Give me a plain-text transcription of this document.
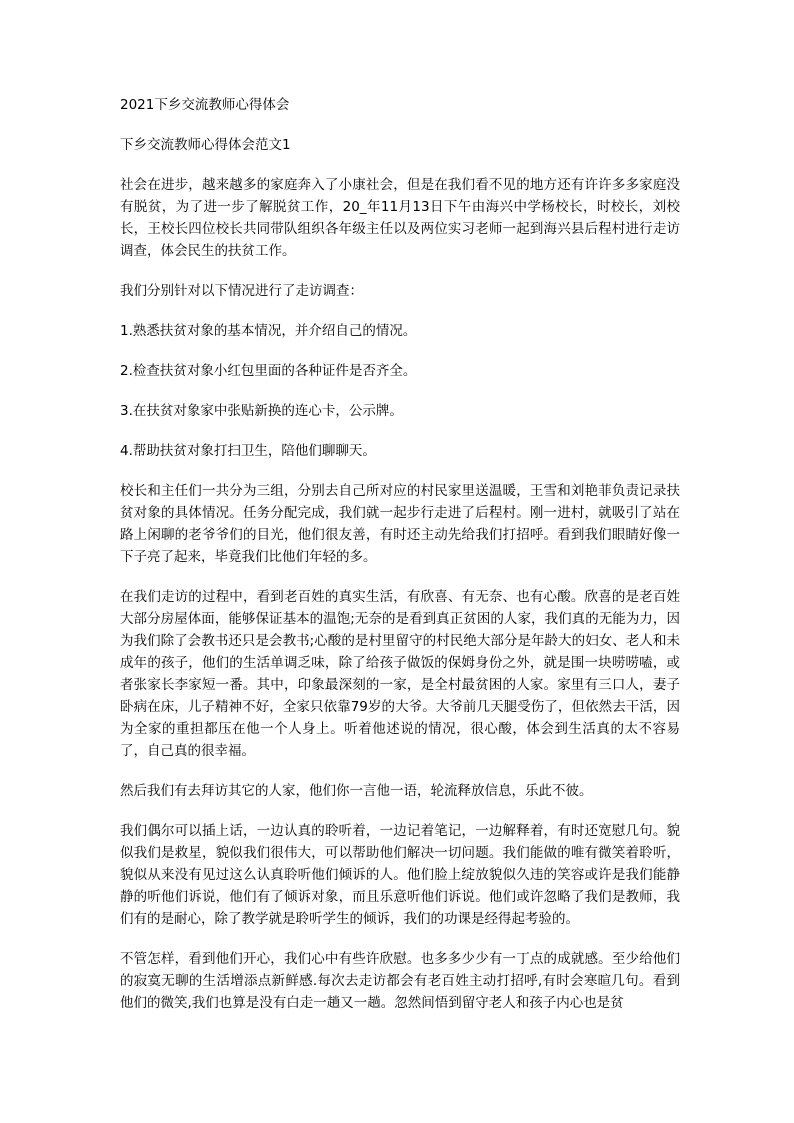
2021下乡交流教师心得体会
下乡交流教师心得体会范文1
社会在进步，越来越多的家庭奔入了小康社会，但是在我们看不见的地方还有许许多多家庭没有脱贫，为了进一步了解脱贫工作，20_年11月13日下午由海兴中学杨校长，时校长，刘校长，王校长四位校长共同带队组织各年级主任以及两位实习老师一起到海兴县后程村进行走访调查，体会民生的扶贫工作。
我们分别针对以下情况进行了走访调查：
1.熟悉扶贫对象的基本情况，并介绍自己的情况。
2.检查扶贫对象小红包里面的各种证件是否齐全。
3.在扶贫对象家中张贴新换的连心卡，公示牌。
4.帮助扶贫对象打扫卫生，陪他们聊聊天。
校长和主任们一共分为三组，分别去自己所对应的村民家里送温暖，王雪和刘艳菲负责记录扶贫对象的具体情况。任务分配完成，我们就一起步行走进了后程村。刚一进村，就吸引了站在路上闲聊的老爷爷们的目光，他们很友善，有时还主动先给我们打招呼。看到我们眼睛好像一下子亮了起来，毕竟我们比他们年轻的多。
在我们走访的过程中，看到老百姓的真实生活，有欣喜、有无奈、也有心酸。欣喜的是老百姓大部分房屋体面，能够保证基本的温饱;无奈的是看到真正贫困的人家，我们真的无能为力，因为我们除了会教书还只是会教书;心酸的是村里留守的村民绝大部分是年龄大的妇女、老人和未成年的孩子，他们的生活单调乏味，除了给孩子做饭的保姆身份之外，就是围一块唠唠嗑，或者张家长李家短一番。其中，印象最深刻的一家，是全村最贫困的人家。家里有三口人，妻子卧病在床，儿子精神不好，全家只依靠79岁的大爷。大爷前几天腿受伤了，但依然去干活，因为全家的重担都压在他一个人身上。听着他述说的情况，很心酸，体会到生活真的太不容易了，自己真的很幸福。
然后我们有去拜访其它的人家，他们你一言他一语，轮流释放信息，乐此不彼。
我们偶尔可以插上话，一边认真的聆听着，一边记着笔记，一边解释着，有时还宽慰几句。貌似我们是救星，貌似我们很伟大，可以帮助他们解决一切问题。我们能做的唯有微笑着聆听，貌似从来没有见过这么认真聆听他们倾诉的人。他们脸上绽放貌似久违的笑容或许是我们能静静的听他们诉说，他们有了倾诉对象，而且乐意听他们诉说。他们或许忽略了我们是教师，我们有的是耐心，除了教学就是聆听学生的倾诉，我们的功课是经得起考验的。
不管怎样，看到他们开心，我们心中有些许欣慰。也多多少少有一丁点的成就感。至少给他们的寂寞无聊的生活增添点新鲜感.每次去走访都会有老百姓主动打招呼,有时会寒暄几句。看到他们的微笑,我们也算是没有白走一趟又一趟。忽然间悟到留守老人和孩子内心也是贫
